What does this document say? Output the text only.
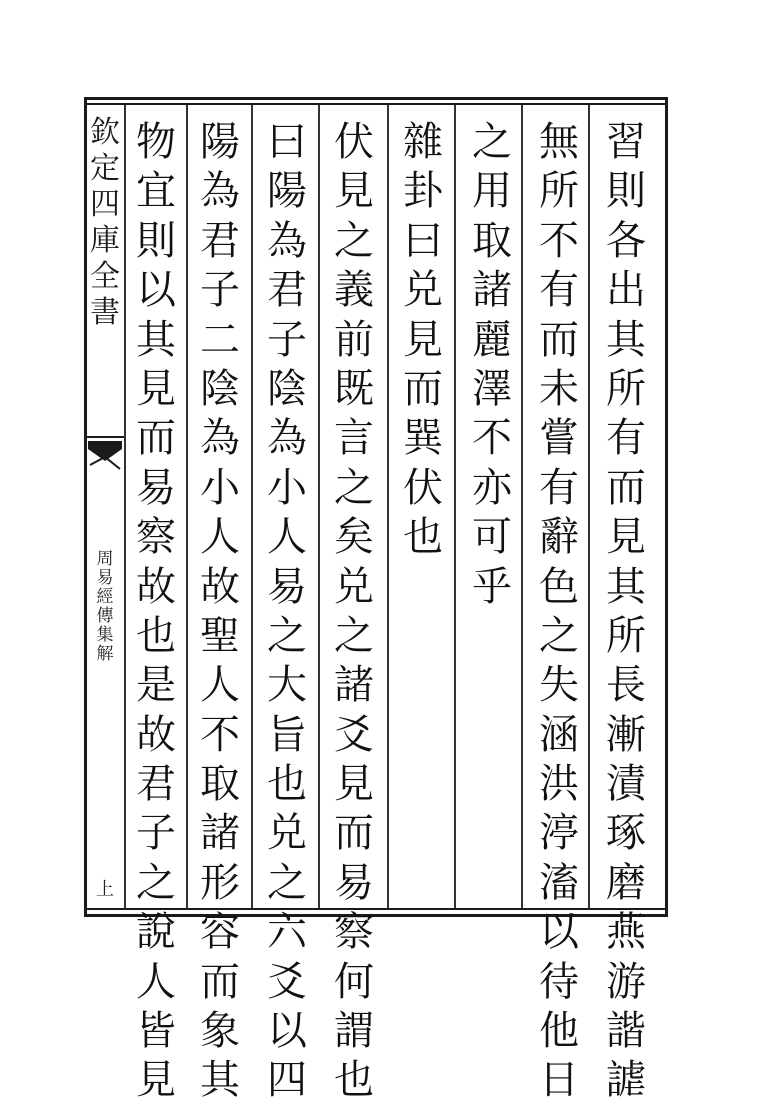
欽
定
四
庫
全
書
周
易
經
傳
集
解
上
習
則
各
出
其
所
有
而
見
其
所
長
漸
漬
琢
磨
燕
游
諧
謔
無
所
不
有
而
未
嘗
有
辭
色
之
失
涵
洪
渟
滀
以
待
他
日
之
用
取
諸
麗
澤
不
亦
可
乎
雜
卦
曰
兑
見
而
巽
伏
也
伏
見
之
義
前
既
言
之
矣
兑
之
諸
爻
見
而
易
察
何
謂
也
曰
陽
為
君
子
陰
為
小
人
易
之
大
旨
也
兑
之
六
爻
以
四
陽
為
君
子
二
陰
為
小
人
故
聖
人
不
取
諸
形
容
而
象
其
物
宜
則
以
其
見
而
易
察
故
也
是
故
君
子
之
說
人
皆
見
